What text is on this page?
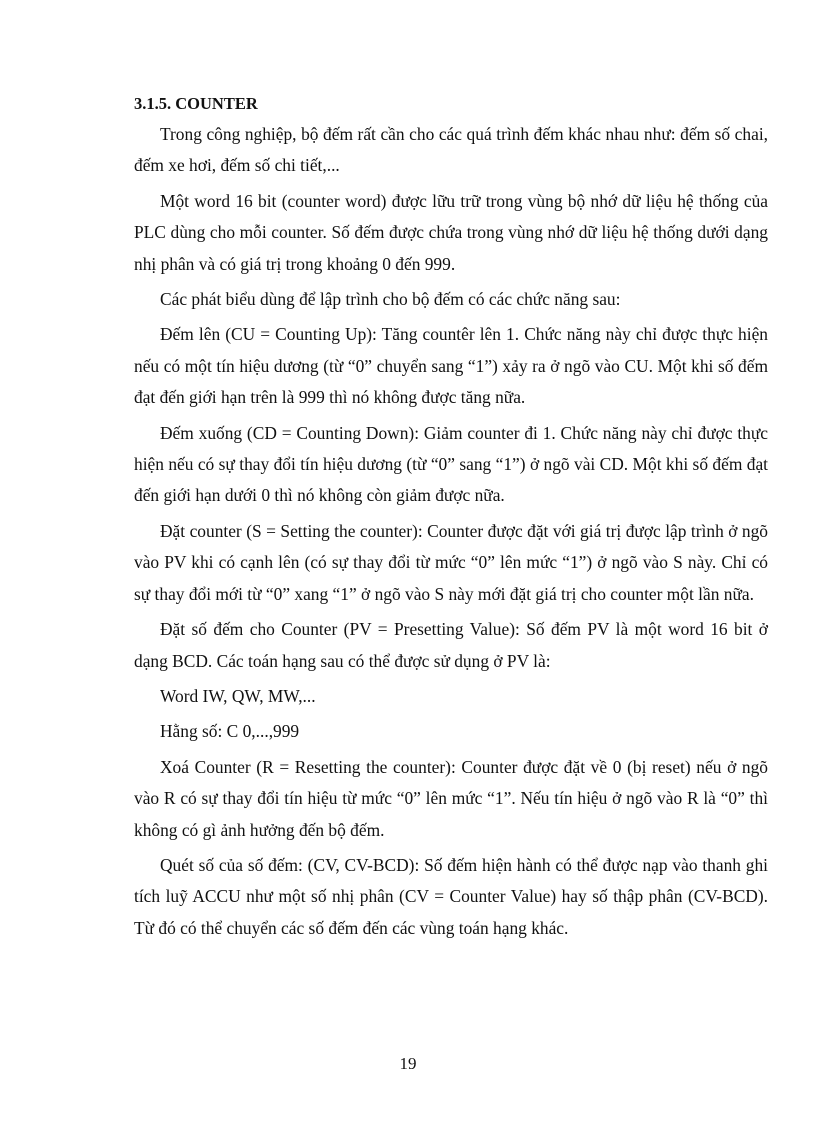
3.1.5. COUNTER

Trong công nghiệp, bộ đếm rất cần cho các quá trình đếm khác nhau như: đếm số chai, đếm xe hơi, đếm số chi tiết,...

Một word 16 bit (counter word) được lữu trữ trong vùng bộ nhớ dữ liệu hệ thống của PLC dùng cho mỗi counter. Số đếm được chứa trong vùng nhớ dữ liệu hệ thống dưới dạng nhị phân và có giá trị trong khoảng 0 đến 999.

Các phát biểu dùng để lập trình cho bộ đếm có các chức năng sau:

Đếm lên (CU = Counting Up): Tăng countêr lên 1. Chức năng này chỉ được thực hiện nếu có một tín hiệu dương (từ “0” chuyển sang “1”) xảy ra ở ngõ vào CU. Một khi số đếm đạt đến giới hạn trên là 999 thì nó không được tăng nữa.

Đếm xuống (CD = Counting Down): Giảm counter đi 1. Chức năng này chỉ được thực hiện nếu có sự thay đổi tín hiệu dương (từ “0” sang “1”) ở ngõ vài CD. Một khi số đếm đạt đến giới hạn dưới 0 thì nó không còn giảm được nữa.

Đặt counter (S = Setting the counter): Counter được đặt với giá trị được lập trình ở ngõ vào PV khi có cạnh lên (có sự thay đổi từ mức “0” lên mức “1”) ở ngõ vào S này. Chỉ có sự thay đổi mới từ “0” xang “1” ở ngõ vào S này mới đặt giá trị cho counter một lần nữa.

Đặt số đếm cho Counter (PV = Presetting Value): Số đếm PV là một word 16 bit ở dạng BCD. Các toán hạng sau có thể được sử dụng ở PV là:

Word IW, QW, MW,...

Hằng số: C 0,...,999

Xoá Counter (R = Resetting the counter): Counter được đặt về 0 (bị reset) nếu ở ngõ vào R có sự thay đổi tín hiệu từ mức “0” lên mức “1”. Nếu tín hiệu ở ngõ vào R là “0” thì không có gì ảnh hưởng đến bộ đếm.

Quét số của số đếm: (CV, CV-BCD): Số đếm hiện hành có thể được nạp vào thanh ghi tích luỹ ACCU như một số nhị phân (CV = Counter Value) hay số thập phân (CV-BCD). Từ đó có thể chuyển các số đếm đến các vùng toán hạng khác.

19
